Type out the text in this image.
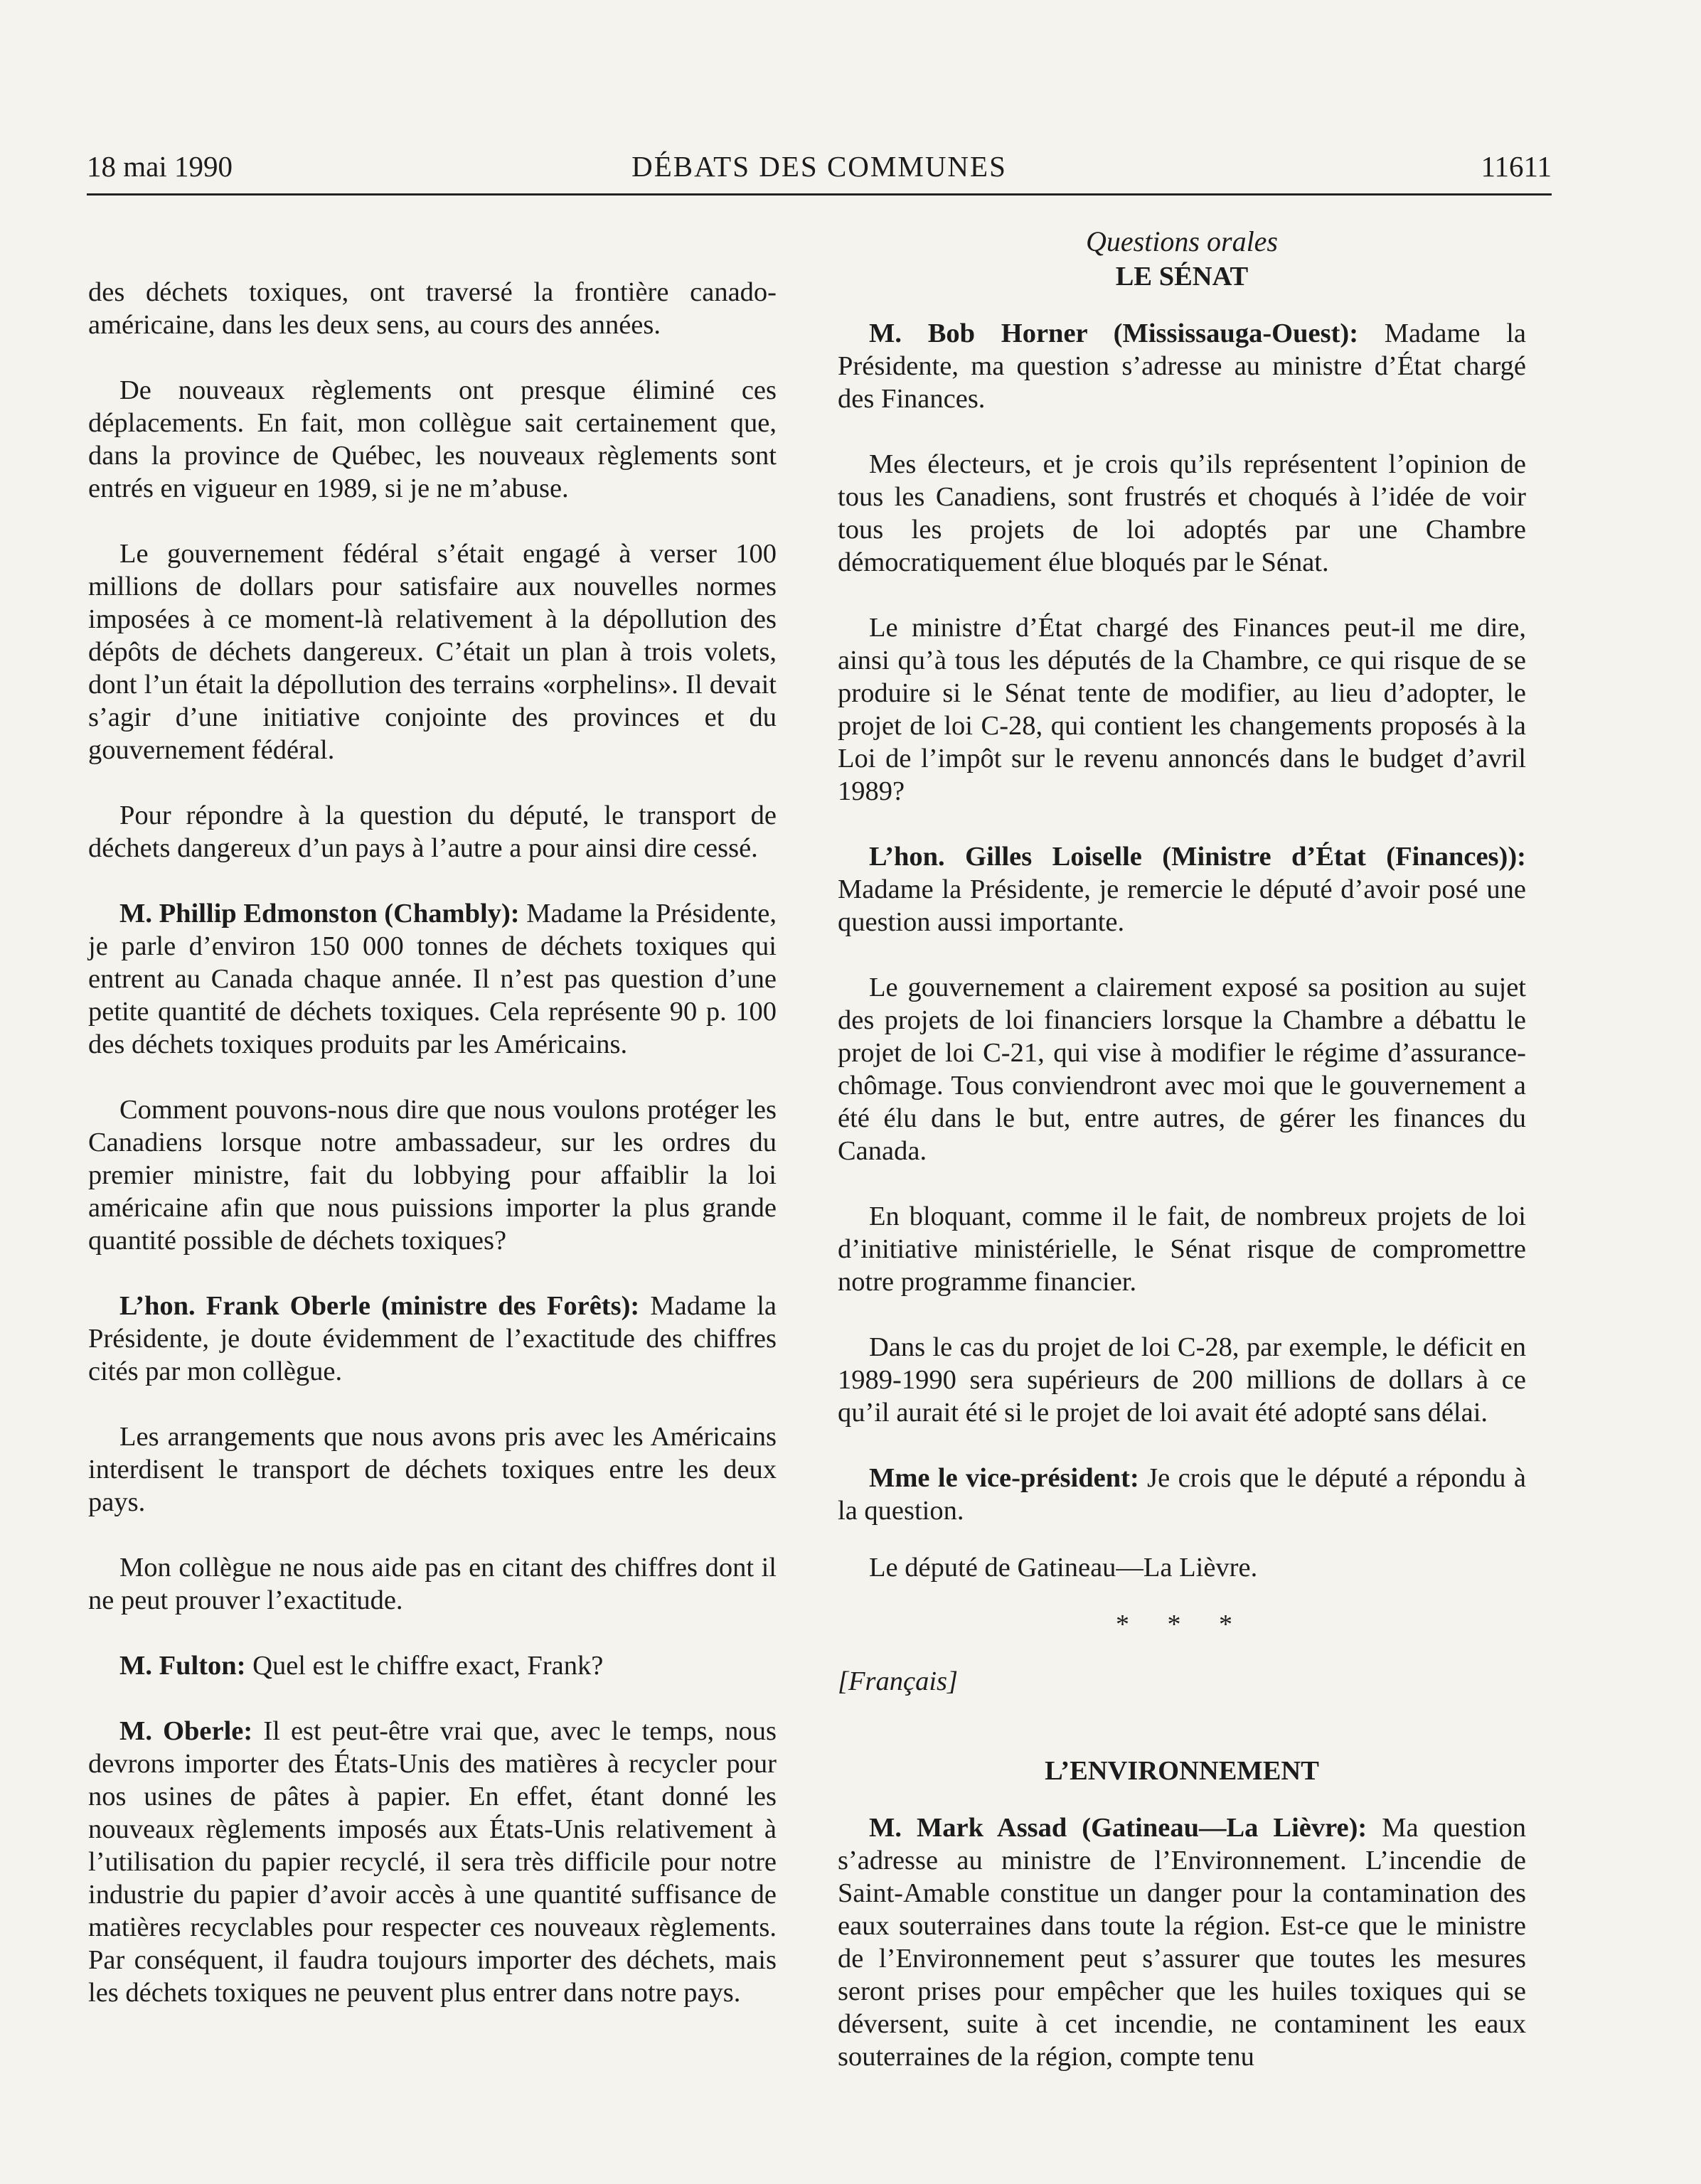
18 mai 1990	DÉBATS DES COMMUNES	11611

des déchets toxiques, ont traversé la frontière canado-américaine, dans les deux sens, au cours des années.

De nouveaux règlements ont presque éliminé ces déplacements. En fait, mon collègue sait certainement que, dans la province de Québec, les nouveaux règlements sont entrés en vigueur en 1989, si je ne m’abuse.

Le gouvernement fédéral s’était engagé à verser 100 millions de dollars pour satisfaire aux nouvelles normes imposées à ce moment-là relativement à la dépollution des dépôts de déchets dangereux. C’était un plan à trois volets, dont l’un était la dépollution des terrains «orphelins». Il devait s’agir d’une initiative conjointe des provinces et du gouvernement fédéral.

Pour répondre à la question du député, le transport de déchets dangereux d’un pays à l’autre a pour ainsi dire cessé.

M. Phillip Edmonston (Chambly): Madame la Présidente, je parle d’environ 150 000 tonnes de déchets toxiques qui entrent au Canada chaque année. Il n’est pas question d’une petite quantité de déchets toxiques. Cela représente 90 p. 100 des déchets toxiques produits par les Américains.

Comment pouvons-nous dire que nous voulons protéger les Canadiens lorsque notre ambassadeur, sur les ordres du premier ministre, fait du lobbying pour affaiblir la loi américaine afin que nous puissions importer la plus grande quantité possible de déchets toxiques?

L’hon. Frank Oberle (ministre des Forêts): Madame la Présidente, je doute évidemment de l’exactitude des chiffres cités par mon collègue.

Les arrangements que nous avons pris avec les Américains interdisent le transport de déchets toxiques entre les deux pays.

Mon collègue ne nous aide pas en citant des chiffres dont il ne peut prouver l’exactitude.

M. Fulton: Quel est le chiffre exact, Frank?

M. Oberle: Il est peut-être vrai que, avec le temps, nous devrons importer des États-Unis des matières à recycler pour nos usines de pâtes à papier. En effet, étant donné les nouveaux règlements imposés aux États-Unis relativement à l’utilisation du papier recyclé, il sera très difficile pour notre industrie du papier d’avoir accès à une quantité suffisance de matières recyclables pour respecter ces nouveaux règlements. Par conséquent, il faudra toujours importer des déchets, mais les déchets toxiques ne peuvent plus entrer dans notre pays.

Questions orales
LE SÉNAT

M. Bob Horner (Mississauga-Ouest): Madame la Présidente, ma question s’adresse au ministre d’État chargé des Finances.

Mes électeurs, et je crois qu’ils représentent l’opinion de tous les Canadiens, sont frustrés et choqués à l’idée de voir tous les projets de loi adoptés par une Chambre démocratiquement élue bloqués par le Sénat.

Le ministre d’État chargé des Finances peut-il me dire, ainsi qu’à tous les députés de la Chambre, ce qui risque de se produire si le Sénat tente de modifier, au lieu d’adopter, le projet de loi C-28, qui contient les changements proposés à la Loi de l’impôt sur le revenu annoncés dans le budget d’avril 1989?

L’hon. Gilles Loiselle (Ministre d’État (Finances)): Madame la Présidente, je remercie le député d’avoir posé une question aussi importante.

Le gouvernement a clairement exposé sa position au sujet des projets de loi financiers lorsque la Chambre a débattu le projet de loi C-21, qui vise à modifier le régime d’assurance-chômage. Tous conviendront avec moi que le gouvernement a été élu dans le but, entre autres, de gérer les finances du Canada.

En bloquant, comme il le fait, de nombreux projets de loi d’initiative ministérielle, le Sénat risque de compromettre notre programme financier.

Dans le cas du projet de loi C-28, par exemple, le déficit en 1989-1990 sera supérieurs de 200 millions de dollars à ce qu’il aurait été si le projet de loi avait été adopté sans délai.

Mme le vice-président: Je crois que le député a répondu à la question.

Le député de Gatineau—La Lièvre.

* * *
[Français]
L’ENVIRONNEMENT

M. Mark Assad (Gatineau—La Lièvre): Ma question s’adresse au ministre de l’Environnement. L’incendie de Saint-Amable constitue un danger pour la contamination des eaux souterraines dans toute la région. Est-ce que le ministre de l’Environnement peut s’assurer que toutes les mesures seront prises pour empêcher que les huiles toxiques qui se déversent, suite à cet incendie, ne contaminent les eaux souterraines de la région, compte tenu
